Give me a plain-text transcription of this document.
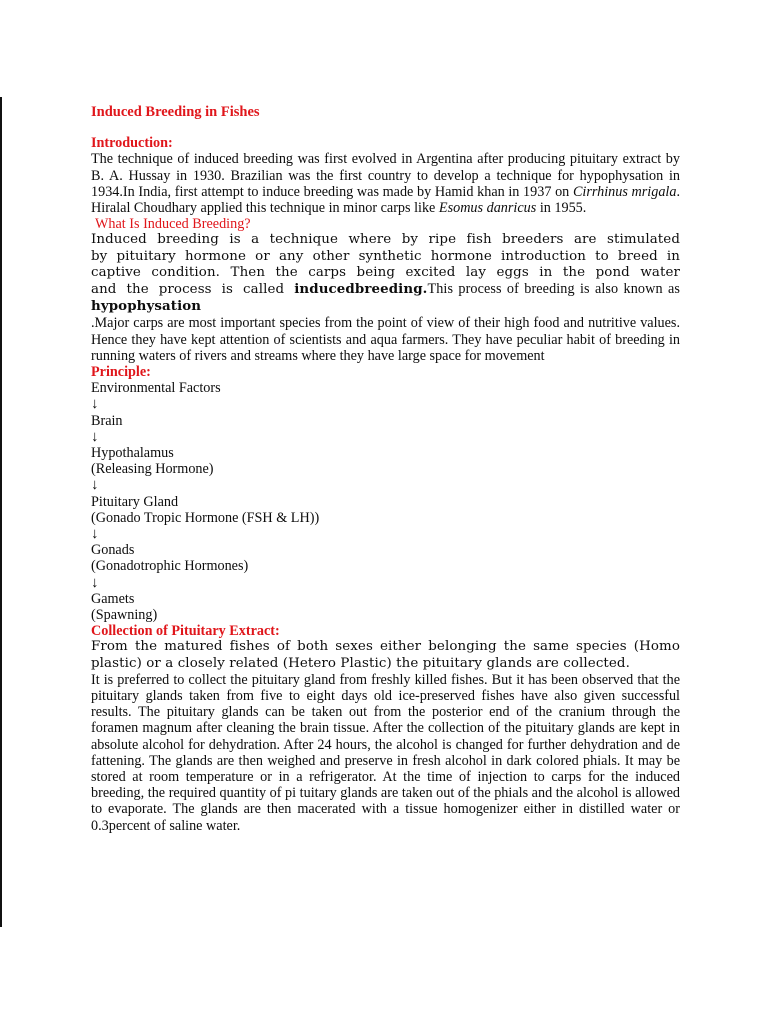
Induced Breeding in Fishes
Introduction:

The technique of induced breeding was first evolved in Argentina after producing pituitary extract by B. A. Hussay in 1930. Brazilian was the first country to develop a technique for hypophysation in 1934.In India, first attempt to induce breeding was made by Hamid khan in 1937 on Cirrhinus mrigala. Hiralal Choudhary applied this technique in minor carps like Esomus danricus in 1955.

What Is Induced Breeding?

Induced breeding is a technique where by ripe fish breeders are stimulated by pituitary hormone or any other synthetic hormone introduction to breed in captive condition. Then the carps being excited lay eggs in the pond water and the process is called inducedbreeding.This process of breeding is also known as hypophysation

.Major carps are most important species from the point of view of their high food and nutritive values. Hence they have kept attention of scientists and aqua farmers. They have peculiar habit of breeding in running waters of rivers and streams where they have large space for movement

Principle:
Environmental Factors
↓
Brain
↓
Hypothalamus
(Releasing Hormone)
↓
Pituitary Gland
(Gonado Tropic Hormone (FSH & LH))
↓
Gonads
(Gonadotrophic Hormones)
↓
Gamets
(Spawning)
Collection of Pituitary Extract:

From the matured fishes of both sexes either belonging the same species (Homo plastic) or a closely related (Hetero Plastic) the pituitary glands are collected.

It is preferred to collect the pituitary gland from freshly killed fishes. But it has been observed that the pituitary glands taken from five to eight days old ice-preserved fishes have also given successful results. The pituitary glands can be taken out from the posterior end of the cranium through the foramen magnum after cleaning the brain tissue. After the collection of the pituitary glands are kept in absolute alcohol for dehydration. After 24 hours, the alcohol is changed for further dehydration and de fattening. The glands are then weighed and preserve in fresh alcohol in dark colored phials. It may be stored at room temperature or in a refrigerator. At the time of injection to carps for the induced breeding, the required quantity of pi tuitary glands are taken out of the phials and the alcohol is allowed to evaporate. The glands are then macerated with a tissue homogenizer either in distilled water or 0.3percent of saline water.
